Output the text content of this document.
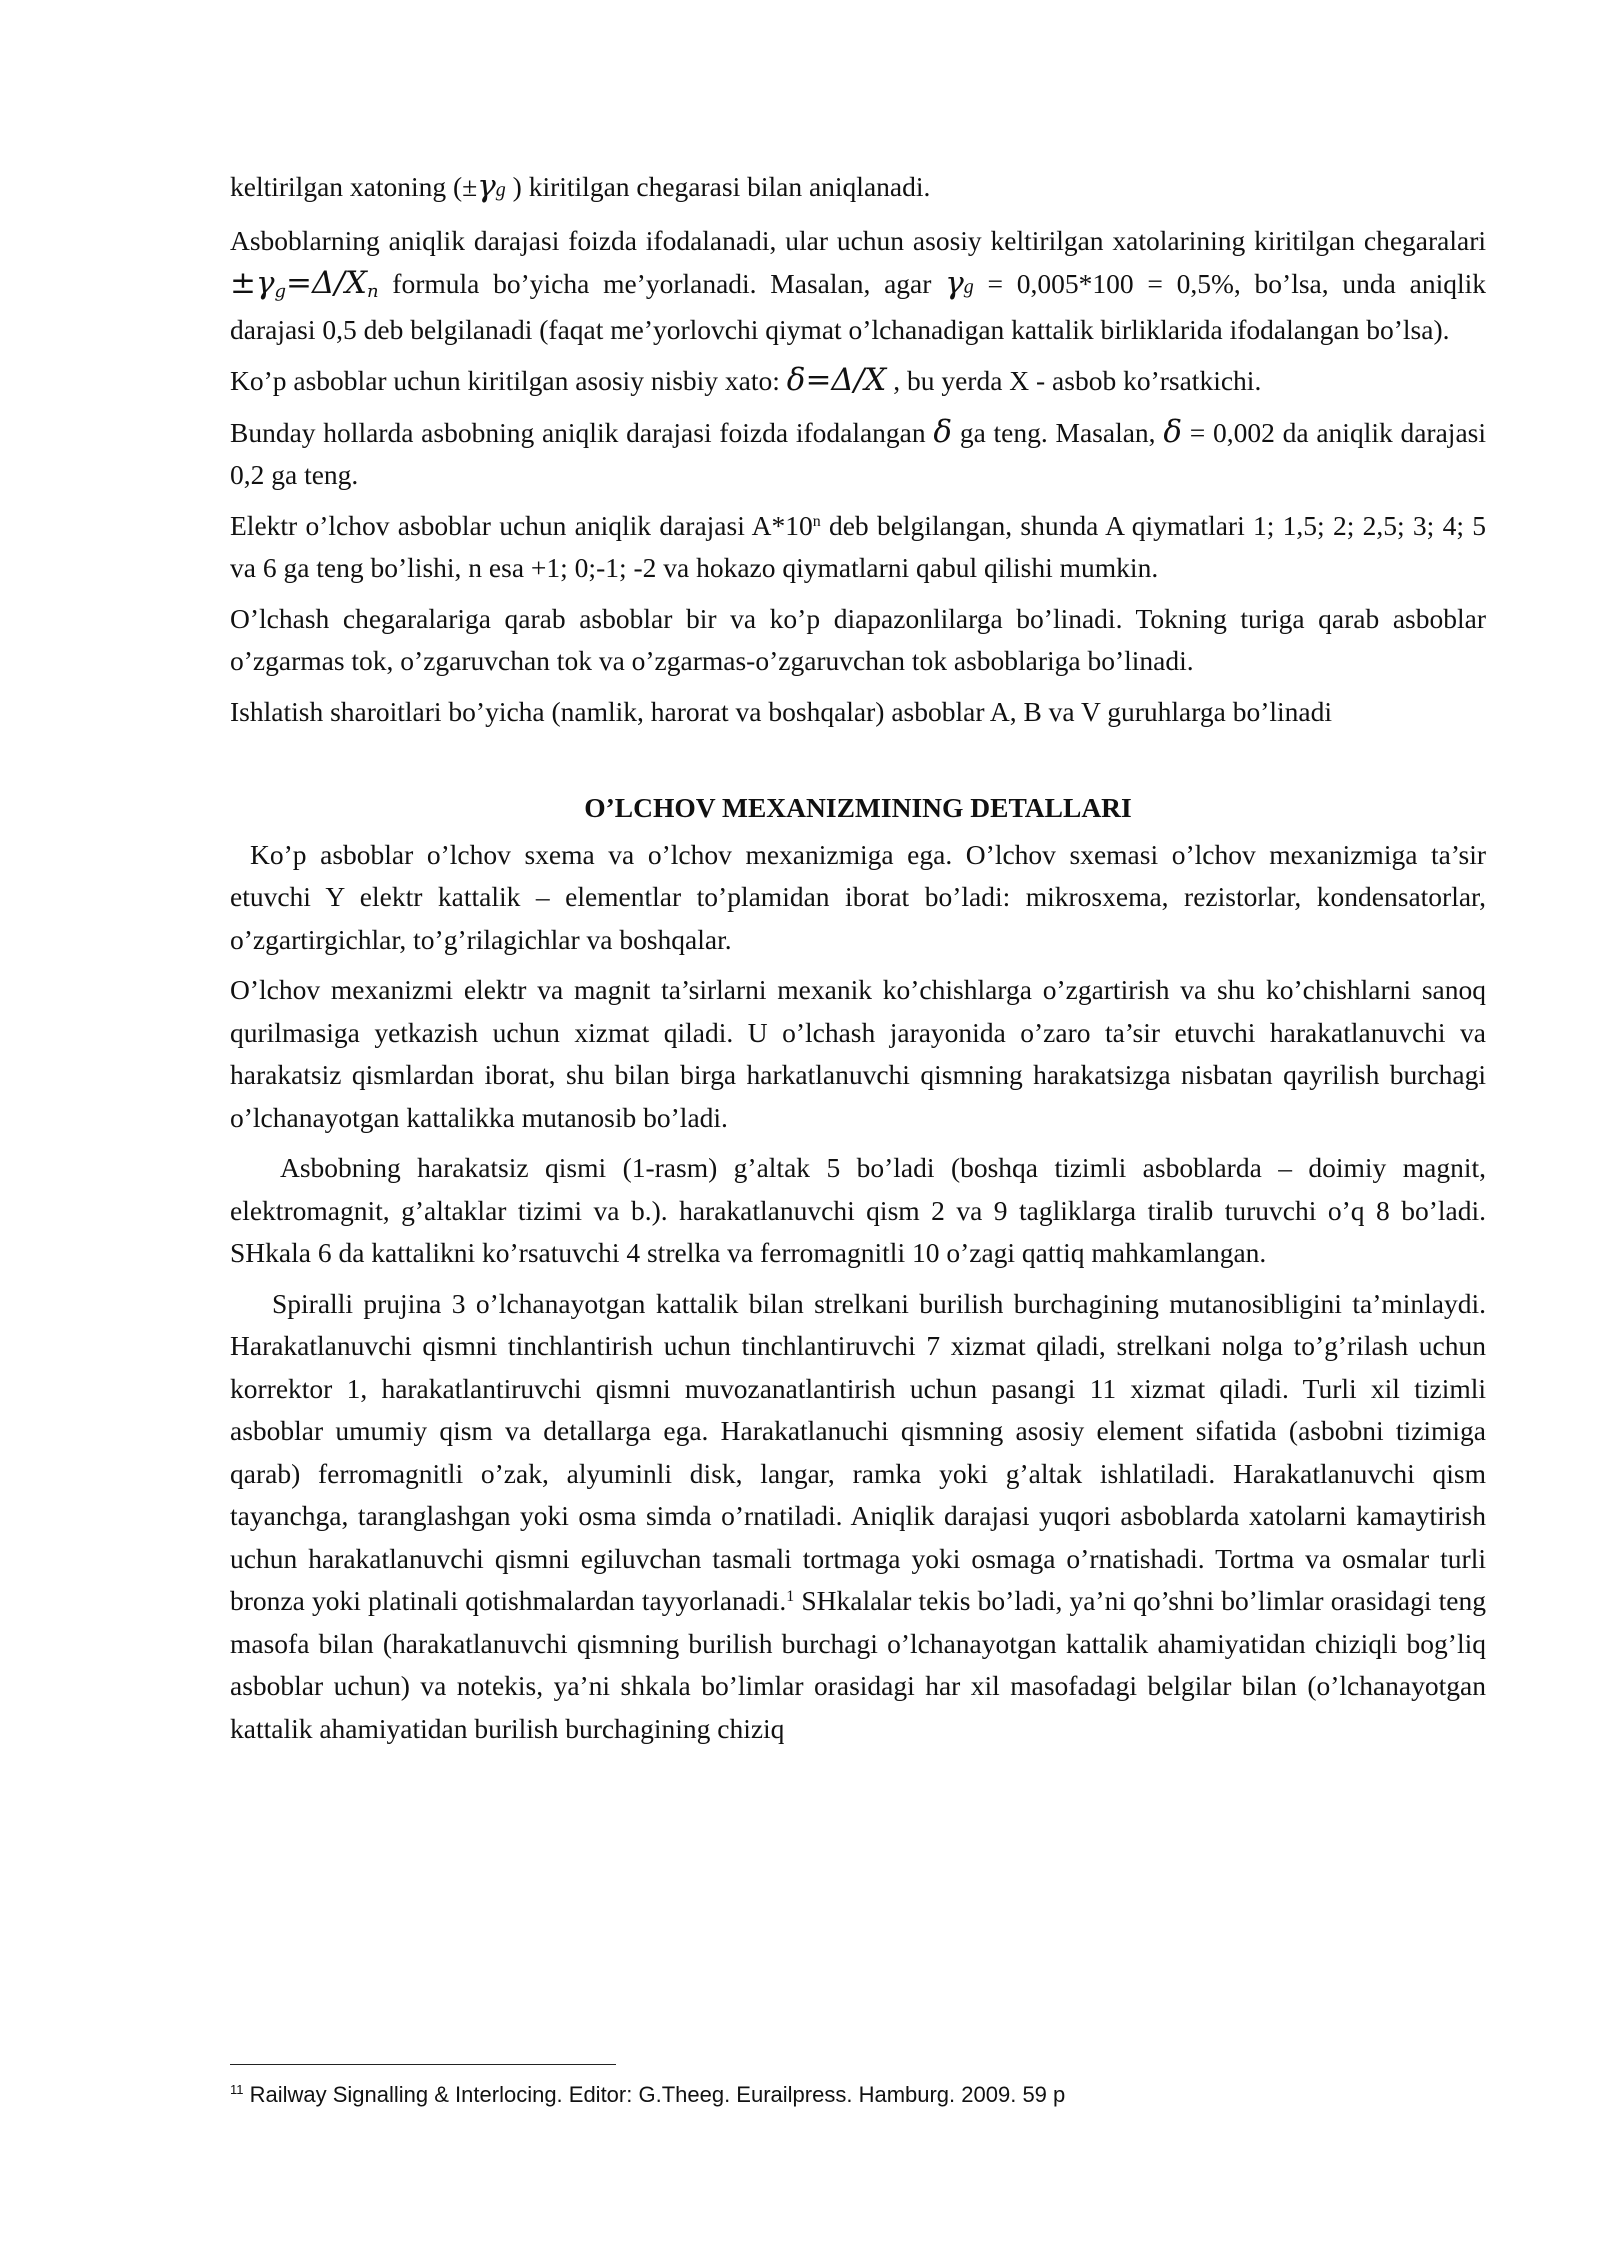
keltirilgan xatoning (±γg ) kiritilgan chegarasi bilan aniqlanadi.

Asboblarning aniqlik darajasi foizda ifodalanadi, ular uchun asosiy keltirilgan xatolarining kiritilgan chegaralari $\pm\gamma_g=\Delta/X_n$ formula bo’yicha me’yorlanadi. Masalan, agar γg = 0,005*100 = 0,5%, bo’lsa, unda aniqlik darajasi 0,5 deb belgilanadi (faqat me’yorlovchi qiymat o’lchanadigan kattalik birliklarida ifodalangan bo’lsa).

Ko’p asboblar uchun kiritilgan asosiy nisbiy xato: δ=Δ/X , bu yerda X - asbob ko’rsatkichi.

Bunday hollarda asbobning aniqlik darajasi foizda ifodalangan δ ga teng. Masalan, δ = 0,002 da aniqlik darajasi 0,2 ga teng.

Elektr o’lchov asboblar uchun aniqlik darajasi A*10$^n$ deb belgilangan, shunda A qiymatlari 1; 1,5; 2; 2,5; 3; 4; 5 va 6 ga teng bo’lishi, n esa +1; 0;-1; -2 va hokazo qiymatlarni qabul qilishi mumkin.

O’lchash chegaralariga qarab asboblar bir va ko’p diapazonlilarga bo’linadi. Tokning turiga qarab asboblar o’zgarmas tok, o’zgaruvchan tok va o’zgarmas-o’zgaruvchan tok asboblariga bo’linadi.

Ishlatish sharoitlari bo’yicha (namlik, harorat va boshqalar) asboblar A, B va V guruhlarga bo’linadi

O’LCHOV MEXANIZMINING DETALLARI

Ko’p asboblar o’lchov sxema va o’lchov mexanizmiga ega. O’lchov sxemasi o’lchov mexanizmiga ta’sir etuvchi Y elektr kattalik – elementlar to’plamidan iborat bo’ladi: mikrosxema, rezistorlar, kondensatorlar, o’zgartirgichlar, to’g’rilagichlar va boshqalar.

O’lchov mexanizmi elektr va magnit ta’sirlarni mexanik ko’chishlarga o’zgartirish va shu ko’chishlarni sanoq qurilmasiga yetkazish uchun xizmat qiladi. U o’lchash jarayonida o’zaro ta’sir etuvchi harakatlanuvchi va harakatsiz qismlardan iborat, shu bilan birga harkatlanuvchi qismning harakatsizga nisbatan qayrilish burchagi o’lchanayotgan kattalikka mutanosib bo’ladi.

Asbobning harakatsiz qismi (1-rasm) g’altak 5 bo’ladi (boshqa tizimli asboblarda – doimiy magnit, elektromagnit, g’altaklar tizimi va b.). harakatlanuvchi qism 2 va 9 tagliklarga tiralib turuvchi o’q 8 bo’ladi. SHkala 6 da kattalikni ko’rsatuvchi 4 strelka va ferromagnitli 10 o’zagi qattiq mahkamlangan.

Spiralli prujina 3 o’lchanayotgan kattalik bilan strelkani burilish burchagining mutanosibligini ta’minlaydi. Harakatlanuvchi qismni tinchlantirish uchun tinchlantiruvchi 7 xizmat qiladi, strelkani nolga to’g’rilash uchun korrektor 1, harakatlantiruvchi qismni muvozanatlantirish uchun pasangi 11 xizmat qiladi. Turli xil tizimli asboblar umumiy qism va detallarga ega. Harakatlanuchi qismning asosiy element sifatida (asbobni tizimiga qarab) ferromagnitli o’zak, alyuminli disk, langar, ramka yoki g’altak ishlatiladi. Harakatlanuvchi qism tayanchga, taranglashgan yoki osma simda o’rnatiladi. Aniqlik darajasi yuqori asboblarda xatolarni kamaytirish uchun harakatlanuvchi qismni egiluvchan tasmali tortmaga yoki osmaga o’rnatishadi. Tortma va osmalar turli bronza yoki platinali qotishmalardan tayyorlanadi.$^1$ SHkalalar tekis bo’ladi, ya’ni qo’shni bo’limlar orasidagi teng masofa bilan (harakatlanuvchi qismning burilish burchagi o’lchanayotgan kattalik ahamiyatidan chiziqli bog’liq asboblar uchun) va notekis, ya’ni shkala bo’limlar orasidagi har xil masofadagi belgilar bilan (o’lchanayotgan kattalik ahamiyatidan burilish burchagining chiziq

$^{11}$ Railway Signalling & Interlocing. Editor: G.Theeg. Eurailpress. Hamburg. 2009. 59 p
